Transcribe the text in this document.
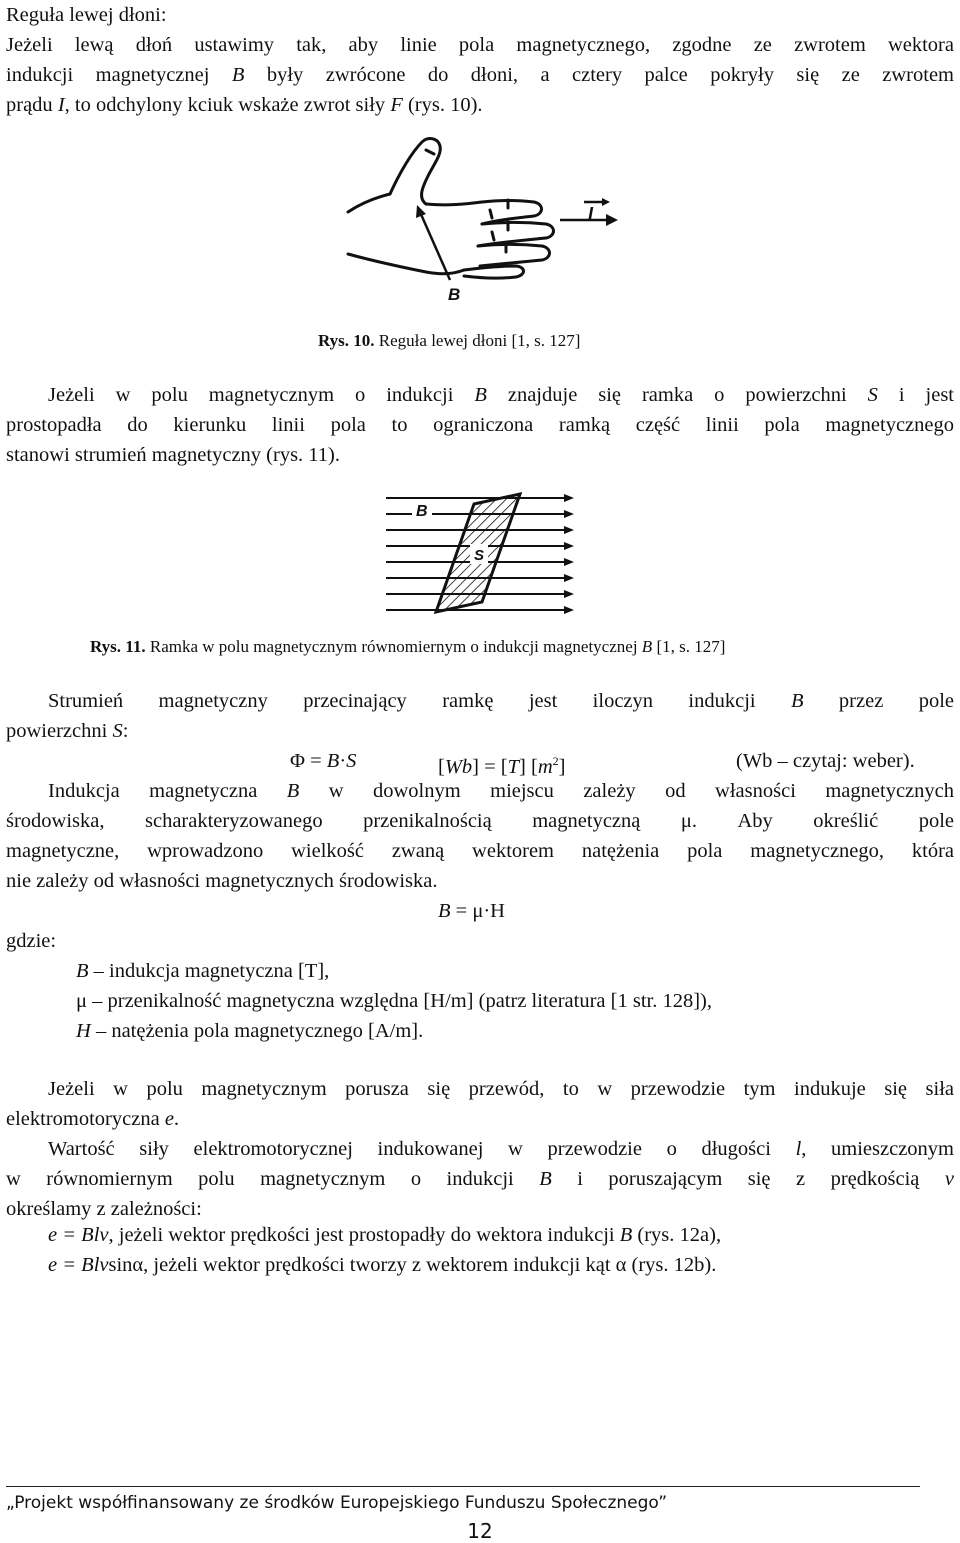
Reguła lewej dłoni:
Jeżeli lewą dłoń ustawimy tak, aby linie pola magnetycznego, zgodne ze zwrotem wektora
indukcji magnetycznej B były zwrócone do dłoni, a cztery palce pokryły się ze zwrotem
prądu I, to odchylony kciuk wskaże zwrot siły F (rys. 10).
I
B
Rys. 10. Reguła lewej dłoni [1, s. 127]
Jeżeli w polu magnetycznym o indukcji B znajduje się ramka o powierzchni S i jest
prostopadła do kierunku linii pola to ograniczona ramką część linii pola magnetycznego
stanowi strumień magnetyczny (rys. 11).
S
B
Rys. 11. Ramka w polu magnetycznym równomiernym o indukcji magnetycznej B [1, s. 127]
Strumień magnetyczny przecinający ramkę jest iloczyn indukcji B przez pole
powierzchni S:
Φ = B·S	[Wb] = [T] $[m^2]$	(Wb – czytaj: weber).
Indukcja magnetyczna B w dowolnym miejscu zależy od własności magnetycznych
środowiska, scharakteryzowanego przenikalnością magnetyczną μ. Aby określić pole
magnetyczne, wprowadzono wielkość zwaną wektorem natężenia pola magnetycznego, która
nie zależy od własności magnetycznych środowiska.
B = μ·H
gdzie:
B – indukcja magnetyczna [T],
μ – przenikalność magnetyczna względna [H/m] (patrz literatura [1 str. 128]),
H – natężenia pola magnetycznego [A/m].
Jeżeli w polu magnetycznym porusza się przewód, to w przewodzie tym indukuje się siła
elektromotoryczna e.
Wartość siły elektromotorycznej indukowanej w przewodzie o długości l, umieszczonym
w równomiernym polu magnetycznym o indukcji B i poruszającym się z prędkością v
określamy z zależności:
e = Blv, jeżeli wektor prędkości jest prostopadły do wektora indukcji B (rys. 12a),
e = Blvsinα, jeżeli wektor prędkości tworzy z wektorem indukcji kąt α (rys. 12b).
„Projekt współfinansowany ze środków Europejskiego Funduszu Społecznego”
12
